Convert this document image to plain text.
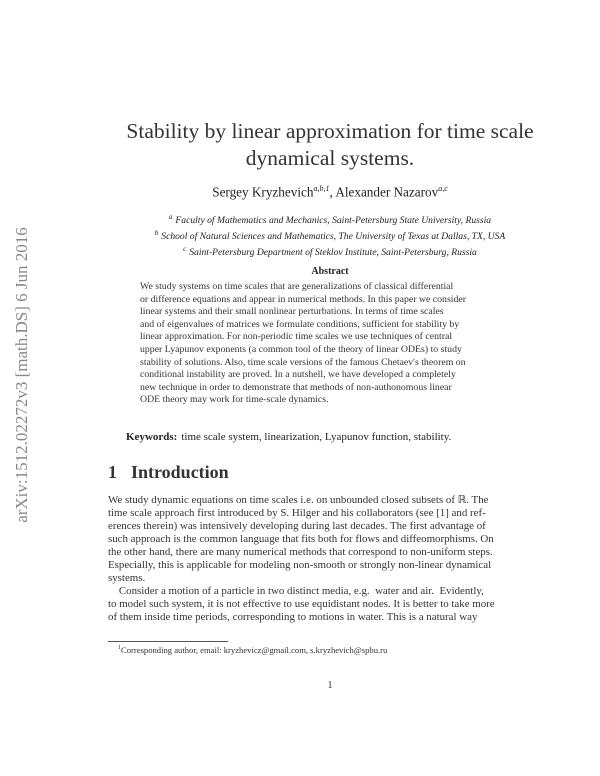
arXiv:1512.02272v3 [math.DS] 6 Jun 2016
Stability by linear approximation for time scale
dynamical systems.
Sergey Kryzhevich$^{a,b,1}$, Alexander Nazarov$^{a,c}$
$^a$ Faculty of Mathematics and Mechanics, Saint-Petersburg State University, Russia
$^b$ School of Natural Sciences and Mathematics, The University of Texas at Dallas, TX, USA
$^c$ Saint-Petersburg Department of Steklov Institute, Saint-Petersburg, Russia
Abstract
We study systems on time scales that are generalizations of classical differential
or difference equations and appear in numerical methods. In this paper we consider
linear systems and their small nonlinear perturbations. In terms of time scales
and of eigenvalues of matrices we formulate conditions, sufficient for stability by
linear approximation. For non-periodic time scales we use techniques of central
upper Lyapunov exponents (a common tool of the theory of linear ODEs) to study
stability of solutions. Also, time scale versions of the famous Chetaev's theorem on
conditional instability are proved. In a nutshell, we have developed a completely
new technique in order to demonstrate that methods of non-authonomous linear
ODE theory may work for time-scale dynamics.
Keywords: time scale system, linearization, Lyapunov function, stability.
1 Introduction
We study dynamic equations on time scales i.e. on unbounded closed subsets of ℝ. The
time scale approach first introduced by S. Hilger and his collaborators (see [1] and ref-
erences therein) was intensively developing during last decades. The first advantage of
such approach is the common language that fits both for flows and diffeomorphisms. On
the other hand, there are many numerical methods that correspond to non-uniform steps.
Especially, this is applicable for modeling non-smooth or strongly non-linear dynamical
systems.
Consider a motion of a particle in two distinct media, e.g.  water and air.  Evidently,
to model such system, it is not effective to use equidistant nodes. It is better to take more
of them inside time periods, corresponding to motions in water. This is a natural way
$^1$Corresponding author, email: kryzhevicz@gmail.com, s.kryzhevich@spbu.ru
1
